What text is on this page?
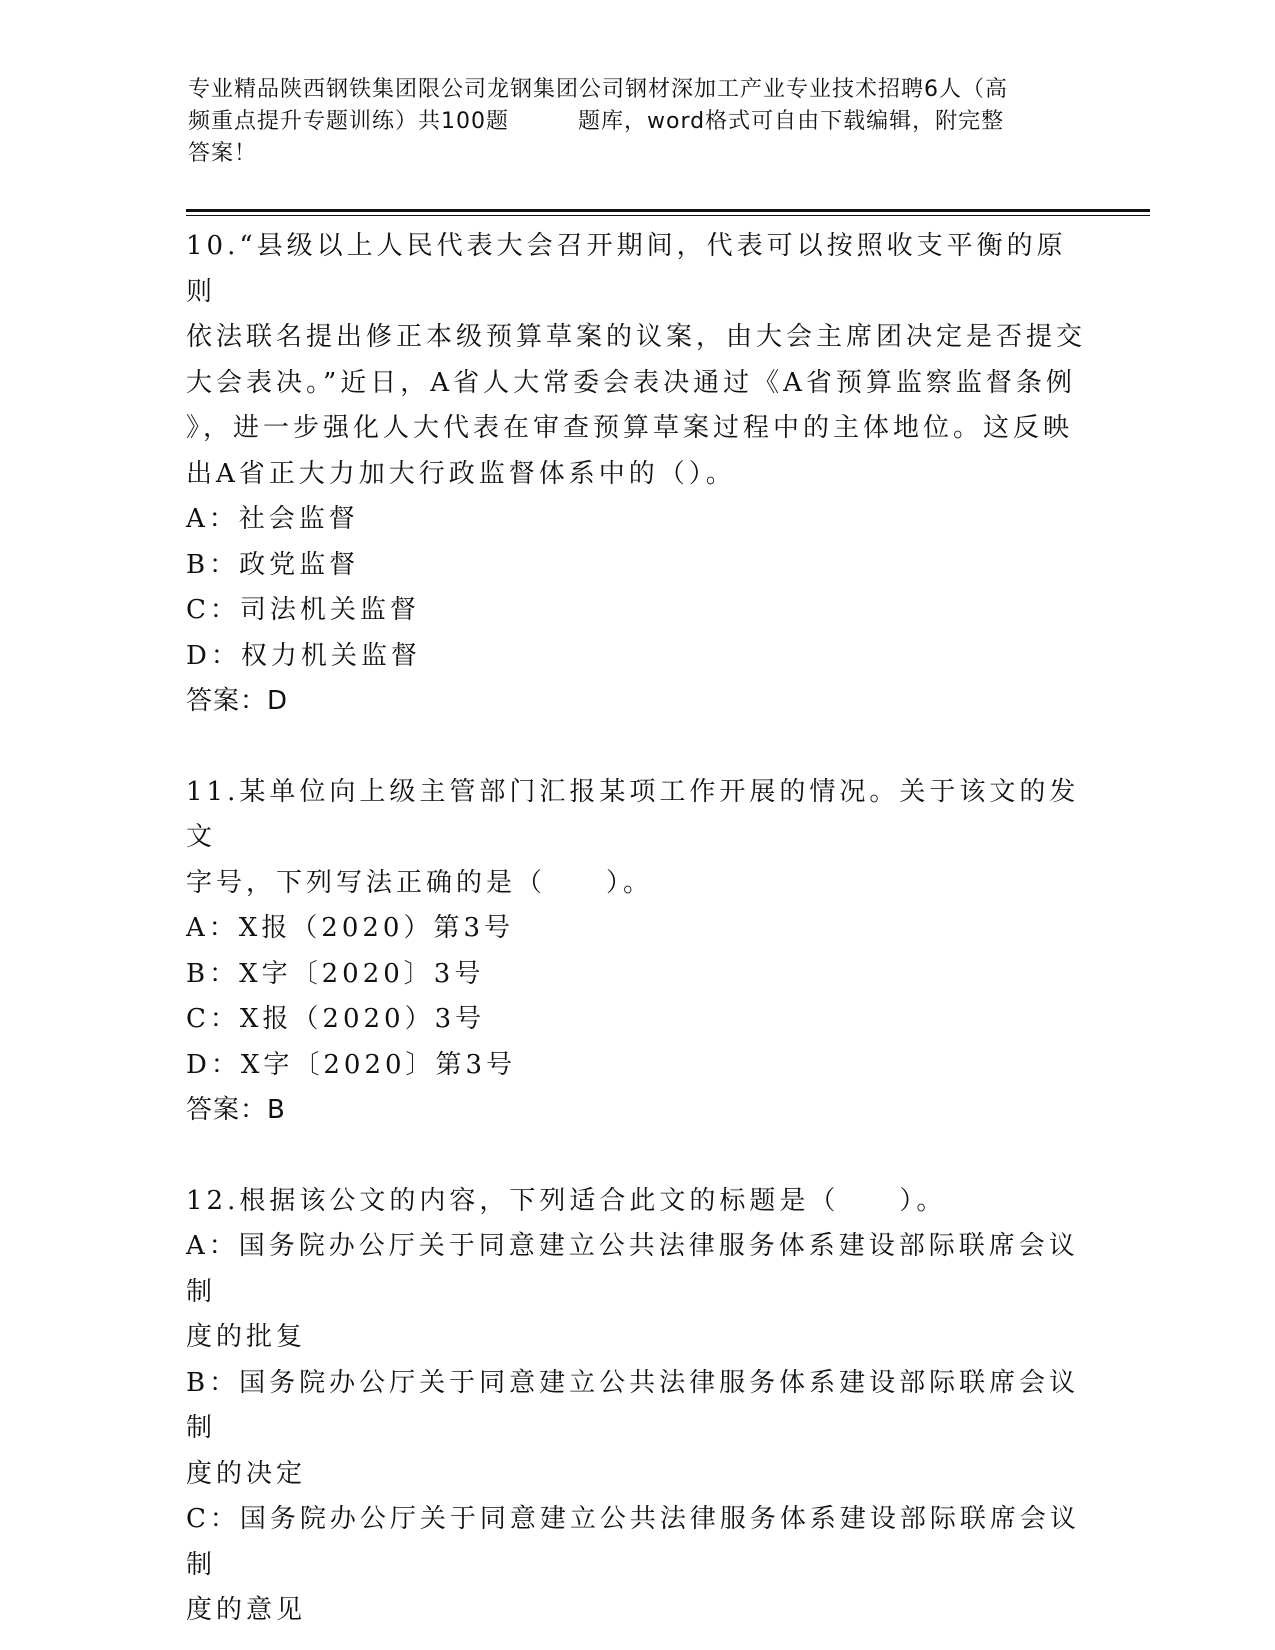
专业精品陕西钢铁集团限公司龙钢集团公司钢材深加工产业专业技术招聘6人（高
频重点提升专题训练）共100题　　　题库，word格式可自由下载编辑，附完整
答案！

10.“县级以上人民代表大会召开期间，代表可以按照收支平衡的原则

依法联名提出修正本级预算草案的议案，由大会主席团决定是否提交

大会表决。”近日，A省人大常委会表决通过《A省预算监察监督条例

》，进一步强化人大代表在审查预算草案过程中的主体地位。这反映

出A省正大力加大行政监督体系中的（）。

A：社会监督

B：政党监督

C：司法机关监督

D：权力机关监督

答案：D

11.某单位向上级主管部门汇报某项工作开展的情况。关于该文的发文

字号，下列写法正确的是（　　）。

A：X报（2020）第3号

B：X字〔2020〕3号

C：X报（2020）3号

D：X字〔2020〕第3号

答案：B

12.根据该公文的内容，下列适合此文的标题是（　　）。

A：国务院办公厅关于同意建立公共法律服务体系建设部际联席会议制

度的批复

B：国务院办公厅关于同意建立公共法律服务体系建设部际联席会议制

度的决定

C：国务院办公厅关于同意建立公共法律服务体系建设部际联席会议制

度的意见
